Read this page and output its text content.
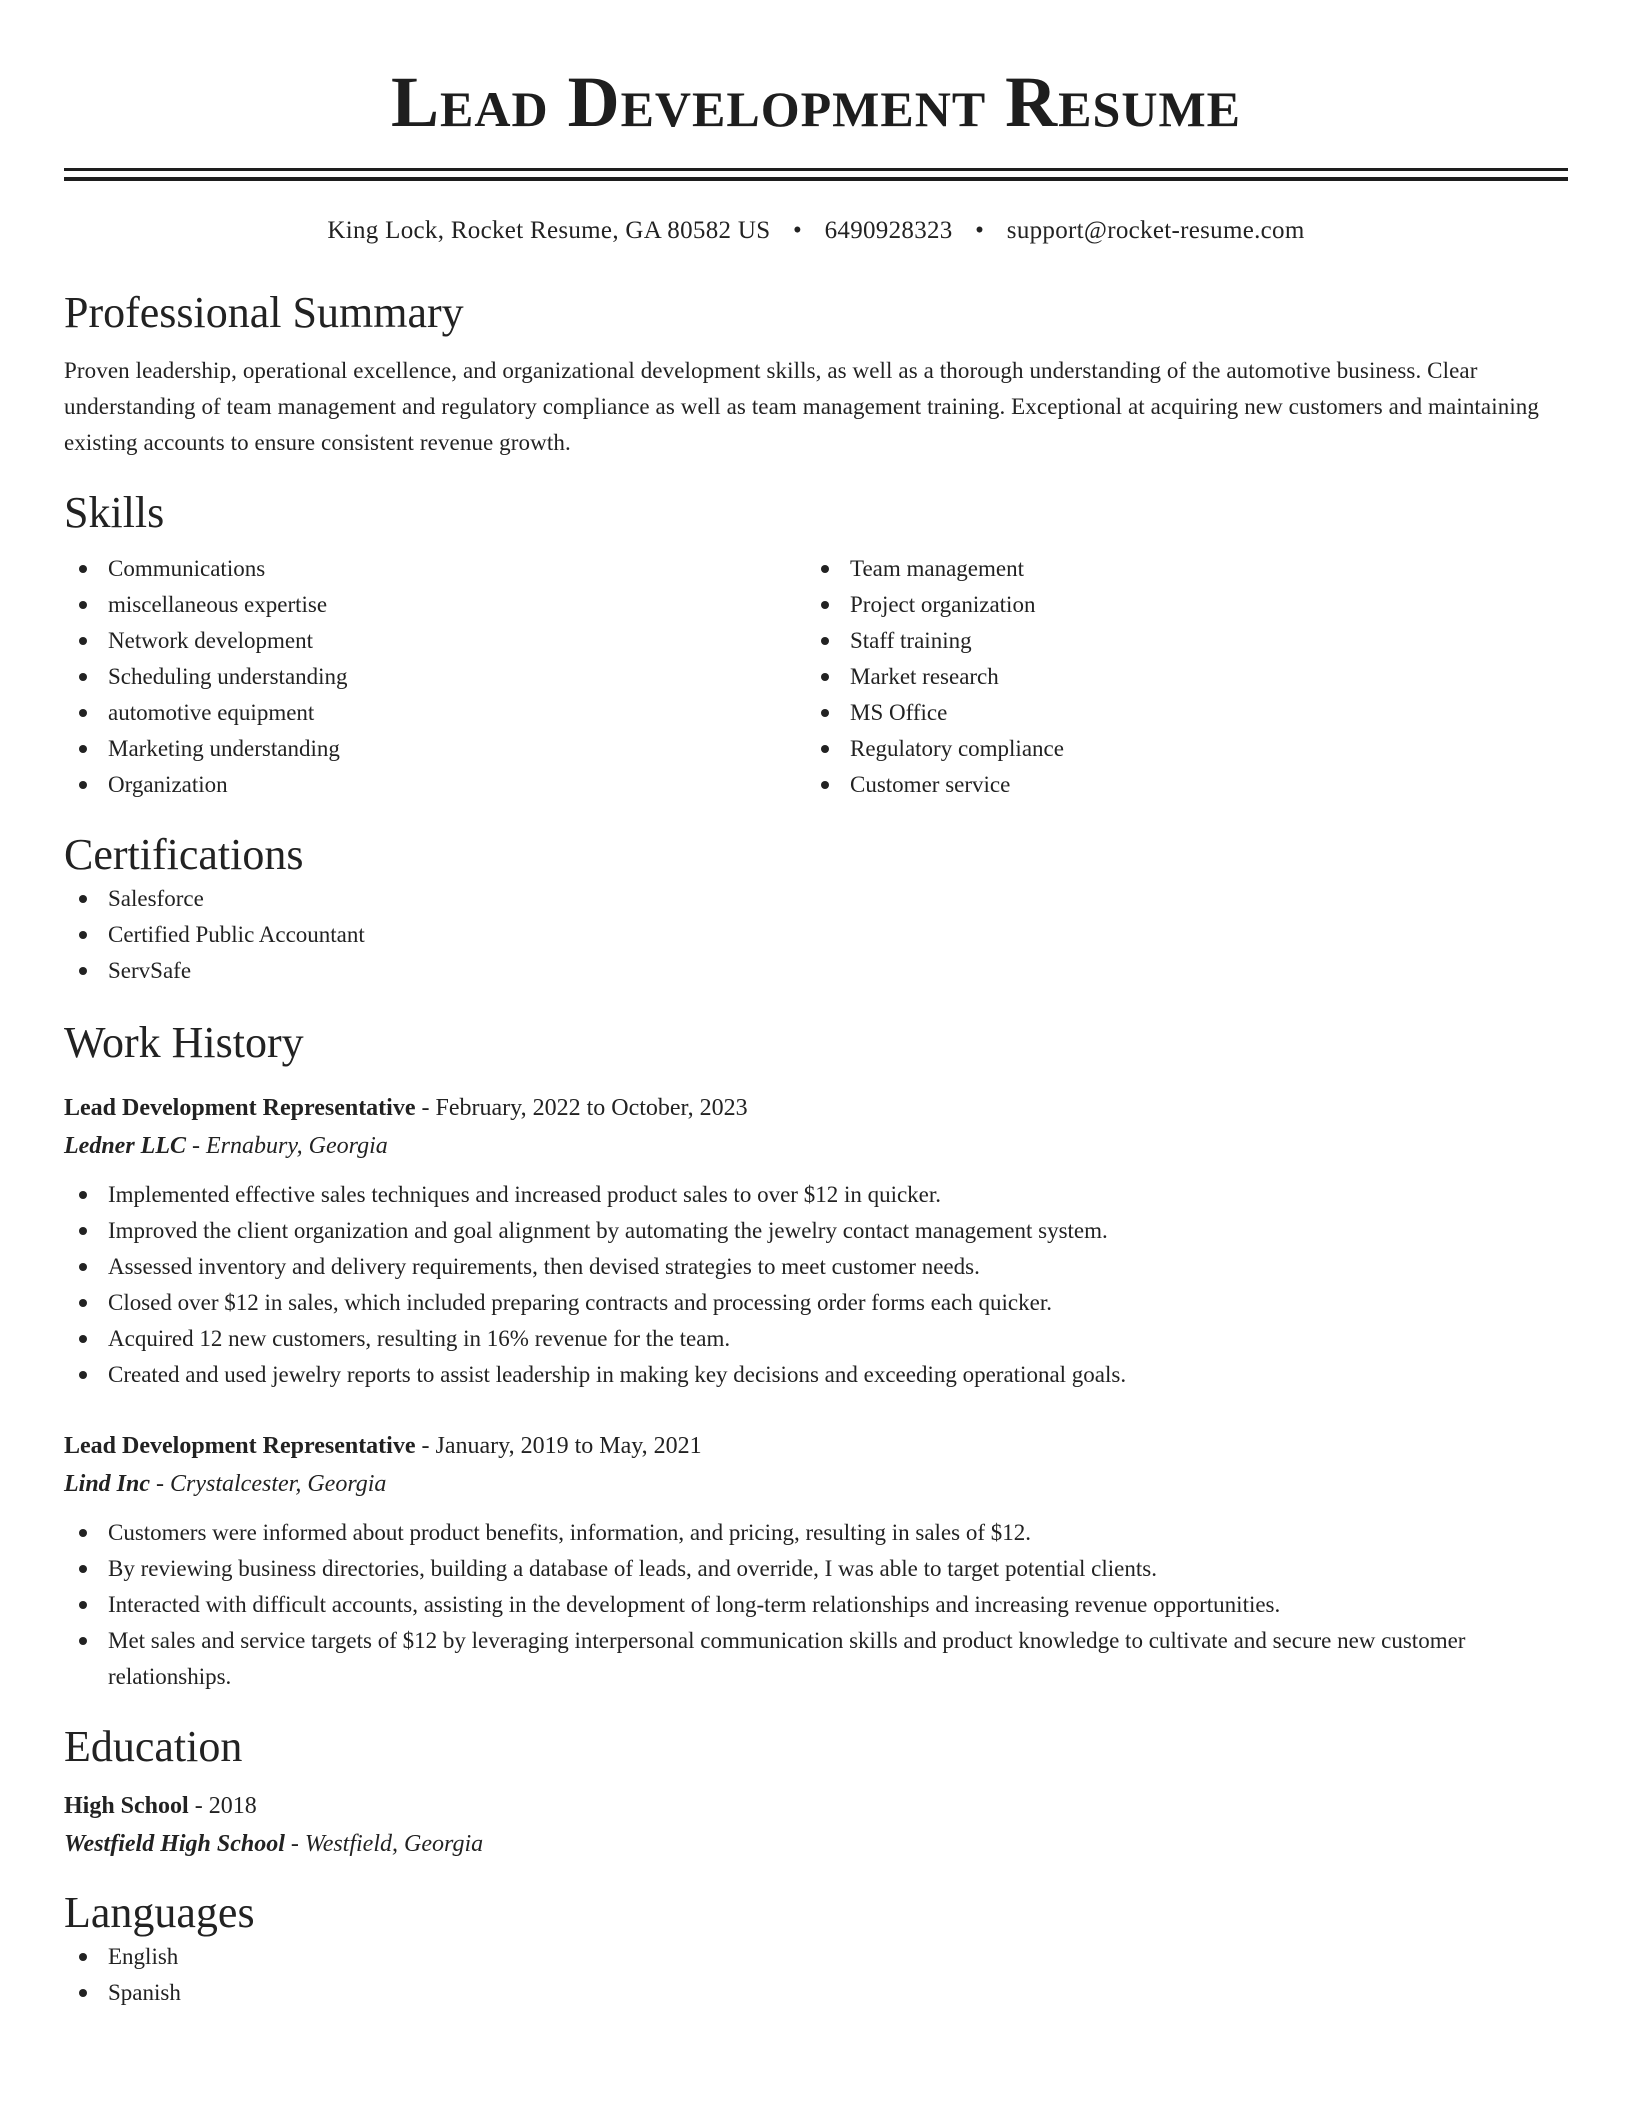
Lead Development Resume
King Lock, Rocket Resume, GA 80582 US • 6490928323 • support@rocket-resume.com
Professional Summary
Proven leadership, operational excellence, and organizational development skills, as well as a thorough understanding of the automotive business. Clear understanding of team management and regulatory compliance as well as team management training. Exceptional at acquiring new customers and maintaining existing accounts to ensure consistent revenue growth.
Skills
Communications
miscellaneous expertise
Network development
Scheduling understanding
automotive equipment
Marketing understanding
Organization
Team management
Project organization
Staff training
Market research
MS Office
Regulatory compliance
Customer service
Certifications
Salesforce
Certified Public Accountant
ServSafe
Work History
Lead Development Representative - February, 2022 to October, 2023
Ledner LLC - Ernabury, Georgia
Implemented effective sales techniques and increased product sales to over $12 in quicker.
Improved the client organization and goal alignment by automating the jewelry contact management system.
Assessed inventory and delivery requirements, then devised strategies to meet customer needs.
Closed over $12 in sales, which included preparing contracts and processing order forms each quicker.
Acquired 12 new customers, resulting in 16% revenue for the team.
Created and used jewelry reports to assist leadership in making key decisions and exceeding operational goals.
Lead Development Representative - January, 2019 to May, 2021
Lind Inc - Crystalcester, Georgia
Customers were informed about product benefits, information, and pricing, resulting in sales of $12.
By reviewing business directories, building a database of leads, and override, I was able to target potential clients.
Interacted with difficult accounts, assisting in the development of long-term relationships and increasing revenue opportunities.
Met sales and service targets of $12 by leveraging interpersonal communication skills and product knowledge to cultivate and secure new customer relationships.
Education
High School - 2018
Westfield High School - Westfield, Georgia
Languages
English
Spanish
